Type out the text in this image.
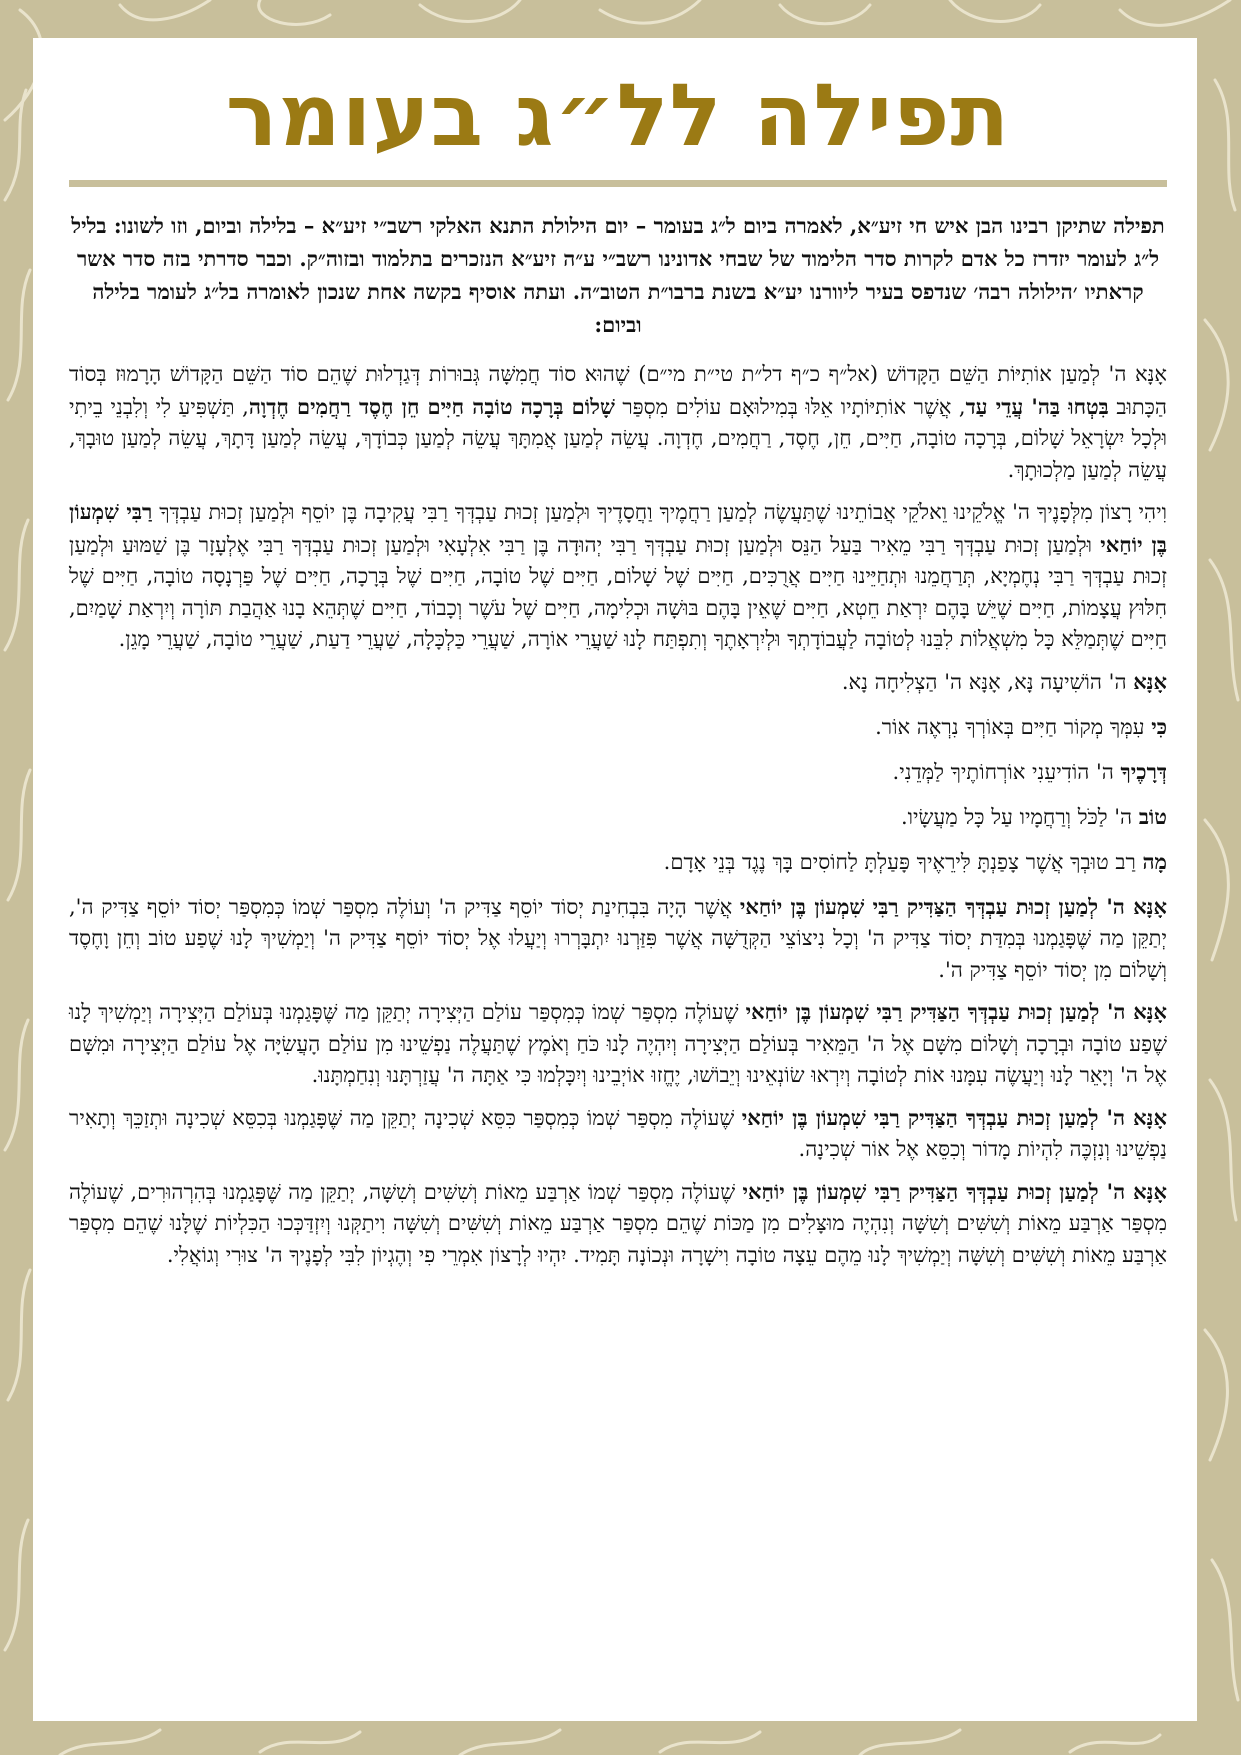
תפילה לל״ג בעומר
תפילה שתיקן רבינו הבן איש חי זיע״א, לאמרה ביום ל״ג בעומר – יום הילולת התנא האלקי רשב״י זיע״א – בלילה וביום, וזו לשונו: בליל ל״ג לעומר יזדרז כל אדם לקרות סדר הלימוד של שבחי אדונינו רשב״י ע״ה זיע״א הנזכרים בתלמוד ובזוה״ק. וכבר סדרתי בזה סדר אשר קראתיו ׳הילולה רבה׳ שנדפס בעיר ליוורנו יע״א בשנת ברבו״ת הטוב״ה. ועתה אוסיף בקשה אחת שנכון לאומרה בל״ג לעומר בלילה וביום:
אָנָּא ה' לְמַעַן אוֹתִיּוֹת הַשֵּׁם הַקָּדוֹשׁ (אל״ף כ״ף דל״ת טי״ת מי״ם) שֶׁהוּא סוֹד חֲמִשָּׁה גְּבוּרוֹת דְּגַדְלוּת שֶׁהֵם סוֹד הַשֵּׁם הַקָּדוֹשׁ הָרָמוּז בְּסוֹד הַכָּתוּב בִּטְחוּ בַּה' עֲדֵי עַד, אֲשֶׁר אוֹתִיּוֹתָיו אֵלּוּ בְּמִילוּאָם עוֹלִים מִסְפַּר שָׁלוֹם בְּרָכָה טוֹבָה חַיִּים חֵן חֶסֶד רַחֲמִים חֶדְוָה, תַּשְׁפִּיעַ לִי וְלִבְנֵי בֵיתִי וּלְכָל יִשְׂרָאֵל שָׁלוֹם, בְּרָכָה טוֹבָה, חַיִּים, חֵן, חֶסֶד, רַחֲמִים, חֶדְוָה. עֲשֵׂה לְמַעַן אֲמִתָּךְ עֲשֵׂה לְמַעַן כְּבוֹדָךְ, עֲשֵׂה לְמַעַן דָּתָךְ, עֲשֵׂה לְמַעַן טוּבָךְ, עֲשֵׂה לְמַעַן מַלְכוּתָךְ.
וִיהִי רָצוֹן מִלְּפָנֶיךָ ה' אֱלֹקֵינוּ וֵאלֹקֵי אֲבוֹתֵינוּ שֶׁתַּעֲשֶׂה לְמַעַן רַחֲמֶיךָ וַחֲסָדֶיךָ וּלְמַעַן זְכוּת עַבְדְּךָ רַבִּי עֲקִיבָה בֶּן יוֹסֵף וּלְמַעַן זְכוּת עַבְדְּךָ רַבִּי שִׁמְעוֹן בֶּן יוֹחַאי וּלְמַעַן זְכוּת עַבְדְּךָ רַבִּי מֵאִיר בַּעַל הַנֵּס וּלְמַעַן זְכוּת עַבְדְּךָ רַבִּי יְהוּדָה בֶּן רַבִּי אִלְעָאִי וּלְמַעַן זְכוּת עַבְדְּךָ רַבִּי אֶלְעָזָר בֶּן שַׁמּוּעַ וּלְמַעַן זְכוּת עַבְדְּךָ רַבִּי נְחֶמְיָא, תְּרַחֲמֵנוּ וּתְחַיֵּינוּ חַיִּים אֲרֻכִּים, חַיִּים שֶׁל שָׁלוֹם, חַיִּים שֶׁל טוֹבָה, חַיִּים שֶׁל בְּרָכָה, חַיִּים שֶׁל פַּרְנָסָה טוֹבָה, חַיִּים שֶׁל חִלּוּץ עֲצָמוֹת, חַיִּים שֶׁיֵּשׁ בָּהֶם יִרְאַת חֵטְא, חַיִּים שֶׁאֵין בָּהֶם בּוּשָׁה וּכְלִימָה, חַיִּים שֶׁל עֹשֶׁר וְכָבוֹד, חַיִּים שֶׁתְּהֵא בָנוּ אַהֲבַת תּוֹרָה וְיִרְאַת שָׁמַיִם, חַיִּים שֶׁתְּמַלֵּא כָּל מִשְׁאֲלוֹת לִבֵּנוּ לְטוֹבָה לַעֲבוֹדָתְךָ וּלְיִרְאָתֶךָ וְתִפְתַּח לָנוּ שַׁעֲרֵי אוֹרָה, שַׁעֲרֵי כַּלְכָּלָה, שַׁעֲרֵי דַעַת, שַׁעֲרֵי טוֹבָה, שַׁעֲרֵי מָגֵן.
אָנָּא ה' הוֹשִׁיעָה נָּא, אָנָּא ה' הַצְלִיחָה נָא.
כִּי עִמְּךָ מְקוֹר חַיִּים בְּאוֹרְךָ נִרְאֶה אוֹר.
דְּרָכֶיךָ ה' הוֹדִיעֵנִי אוֹרְחוֹתֶיךָ לַמְּדֵנִי.
טוֹב ה' לַכֹּל וְרַחֲמָיו עַל כָּל מַעֲשָׂיו.
מָה רַב טוּבְךָ אֲשֶׁר צָפַנְתָּ לִּירֵאֶיךָ פָּעַלְתָּ לַחוֹסִים בָּךְ נֶגֶד בְּנֵי אָדָם.
אָנָּא ה' לְמַעַן זְכוּת עַבְדְּךָ הַצַּדִּיק רַבִּי שִׁמְעוֹן בֶּן יוֹחַאי אֲשֶׁר הָיָה בִּבְחִינַת יְסוֹד יוֹסֵף צַדִּיק ה' וְעוֹלֶה מִסְפַּר שְׁמוֹ כְּמִסְפַּר יְסוֹד יוֹסֵף צַדִּיק ה', יְתַקֵּן מַה שֶּׁפָּגַמְנוּ בְּמִדַּת יְסוֹד צַדִּיק ה' וְכָל נִיצוֹצֵי הַקְּדֻשָּׁה אֲשֶׁר פִּזַּרְנוּ יִתְבָּרְרוּ וְיַעֲלוּ אֶל יְסוֹד יוֹסֵף צַדִּיק ה' וְיַמְשִׁיךְ לָנוּ שֶׁפַע טוֹב וְחֵן וָחֶסֶד וְשָׁלוֹם מִן יְסוֹד יוֹסֵף צַדִּיק ה'.
אָנָּא ה' לְמַעַן זְכוּת עַבְדְּךָ הַצַּדִּיק רַבִּי שִׁמְעוֹן בֶּן יוֹחַאי שֶׁעוֹלֶה מִסְפַּר שְׁמוֹ כְּמִסְפַּר עוֹלַם הַיְּצִירָה יְתַקֵּן מַה שֶּׁפָּגַמְנוּ בְּעוֹלַם הַיְּצִירָה וְיַמְשִׁיךְ לָנוּ שֶׁפַע טוֹבָה וּבְרָכָה וְשָׁלוֹם מִשָּׁם אֶל ה' הַמֵּאִיר בְּעוֹלַם הַיְּצִירָה וְיִהְיֶה לָנוּ כֹּחַ וְאֹמֶץ שֶׁתַּעֲלֶה נַפְשֵׁינוּ מִן עוֹלַם הָעֲשִׂיָּה אֶל עוֹלַם הַיְּצִירָה וּמִשָּׁם אֶל ה' וְיָאֵר לָנוּ וְיַעֲשֶׂה עִמָּנוּ אוֹת לְטוֹבָה וְיִרְאוּ שׂוֹנְאֵינוּ וְיֵבוֹשׁוּ, יֶחֱזוּ אוֹיְבֵינוּ וְיִכָּלְמוּ כִּי אַתָּה ה' עֲזַרְתָּנוּ וְנִחַמְתָּנוּ.
אָנָּא ה' לְמַעַן זְכוּת עַבְדְּךָ הַצַּדִּיק רַבִּי שִׁמְעוֹן בֶּן יוֹחַאי שֶׁעוֹלֶה מִסְפַּר שְׁמוֹ כְּמִסְפַּר כִּסֵּא שְׁכִינָה יְתַקֵּן מַה שֶּׁפָּגַמְנוּ בְּכִסֵּא שְׁכִינָה וּתְזַכֵּךְ וְתָאִיר נַפְשֵׁינוּ וְנִזְכֶּה לִהְיוֹת מָדוֹר וְכִסֵּא אֶל אוֹר שְׁכִינָה.
אָנָּא ה' לְמַעַן זְכוּת עַבְדְּךָ הַצַּדִּיק רַבִּי שִׁמְעוֹן בֶּן יוֹחַאי שֶׁעוֹלֶה מִסְפַּר שְׁמוֹ אַרְבַּע מֵאוֹת וְשִׁשִּׁים וְשִׁשָּׁה, יְתַקֵּן מַה שֶּׁפָּגַמְנוּ בְּהִרְהוּרִים, שֶׁעוֹלֶה מִסְפַּר אַרְבַּע מֵאוֹת וְשִׁשִּׁים וְשִׁשָּׁה וְנִהְיֶה מוּצָּלִים מִן מַכּוֹת שֶׁהֵם מִסְפַּר אַרְבַּע מֵאוֹת וְשִׁשִּׁים וְשִׁשָּׁה וִיתַקְּנוּ וְיִזְדַּכְּכוּ הַכִּלְיוֹת שֶׁלָּנוּ שֶׁהֵם מִסְפַּר אַרְבַּע מֵאוֹת וְשִׁשִּׁים וְשִׁשָּׁה וְיַמְשִׁיךְ לָנוּ מֵהֶם עֵצָה טוֹבָה וִישָׁרָה וּנְכוֹנָה תָּמִיד. יִהְיוּ לְרָצוֹן אִמְרֵי פִי וְהֶגְיוֹן לִבִּי לְפָנֶיךָ ה' צוּרִי וְגוֹאֲלִי.
